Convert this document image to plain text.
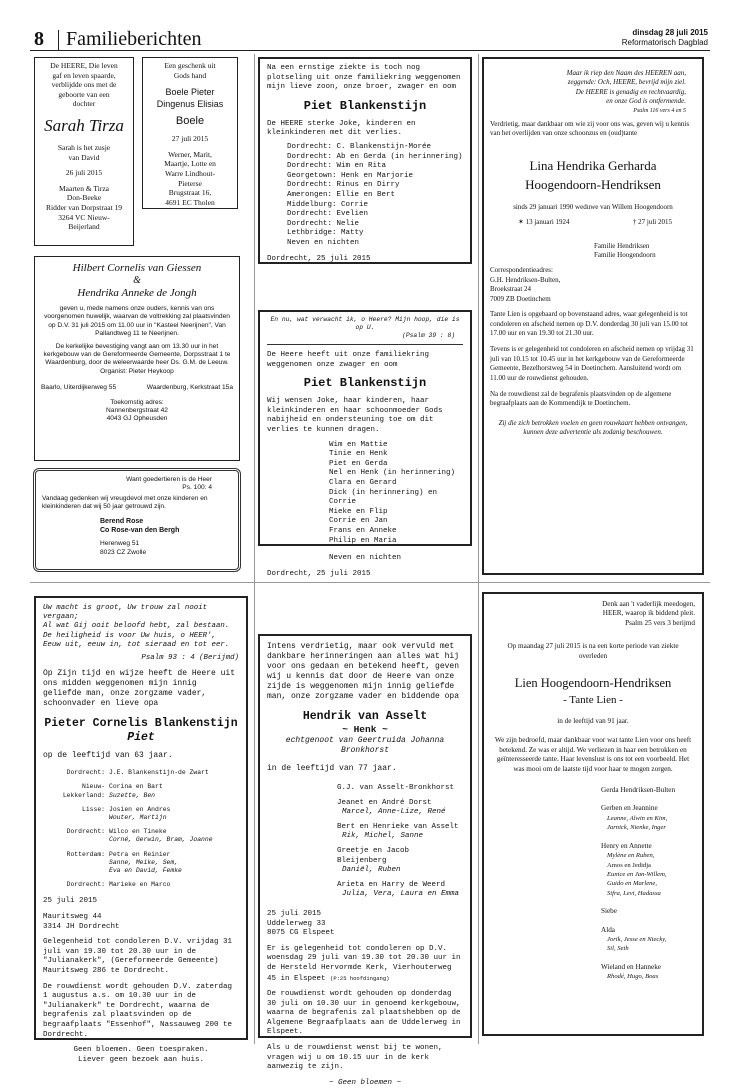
8 Familieberichten	dinsdag 28 juli 2015
Reformatorisch Dagblad
De HEERE, Die leven
gaf en leven spaarde,
verblijdde ons met de
geboorte van een
dochter
Sarah Tirza
Sarah is het zusje
van David
26 juli 2015
Maarten & Tirza
Don-Beeke
Ridder van Dorpstraat 19
3264 VC Nieuw-
Beijerland
Een geschenk uit
Gods hand
Boele Pieter
Dingenus Elisias
Boele
27 juli 2015
Werner, Marit,
Maartje, Lotte en
Warre Lindhout-
Pieterse
Brugstraat 16,
4691 EC Tholen
Hilbert Cornelis van Giessen
&
Hendrika Anneke de Jongh

geven u, mede namens onze ouders, kennis van ons voorgenomen huwelijk, waarvan de voltrekking zal plaatsvinden op D.V. 31 juli 2015 om 11.00 uur in "Kasteel Neerijnen", Van Pallandtweg 11 te Neerijnen.

De kerkelijke bevestiging vangt aan om 13.30 uur in het kerkgebouw van de Gereformeerde Gemeente, Dorpsstraat 1 te Waardenburg, door de weleerwaarde heer Ds. G.M. de Leeuw.

Organist: Pieter Heykoop
Baarlo, Uiterdijkenweg 55	Waardenburg, Kerkstraat 15a
Toekomstig adres:
Nannenbergstraat 42
4043 GJ Opheusden
Want goedertieren is de Heer
Ps. 100: 4

Vandaag gedenken wij vreugdevol met onze kinderen en kleinkinderen dat wij 50 jaar getrouwd zijn.

Berend Rose
Co Rose-van den Bergh
Herenweg 51
8023 CZ Zwolle

Na een ernstige ziekte is toch nog plotseling uit onze familiekring weggenomen mijn lieve zoon, onze broer, zwager en oom

Piet Blankenstijn

De HEERE sterke Joke, kinderen en kleinkinderen met dit verlies.

Dordrecht: C. Blankenstijn-Morée
Dordrecht: Ab en Gerda (in herinnering)
Dordrecht: Wim en Rita
Georgetown: Henk en Marjorie
Dordrecht: Rinus en Dirry
Amerongen: Ellie en Bert
Middelburg: Corrie
Dordrecht: Evelien
Dordrecht: Nelie
Lethbridge: Matty
Neven en nichten
Dordrecht, 25 juli 2015
En nu, wat verwacht ik, o Heere? Mijn hoop, die is op U.
(Psalm 39 : 8)

De Heere heeft uit onze familiekring weggenomen onze zwager en oom

Piet Blankenstijn

Wij wensen Joke, haar kinderen, haar kleinkinderen en haar schoonmoeder Gods nabijheid en ondersteuning toe om dit verlies te kunnen dragen.

Wim en Mattie
Tinie en Henk
Piet en Gerda
Nel en Henk (in herinnering)
Clara en Gerard
Dick (in herinnering) en Corrie
Mieke en Flip
Corrie en Jan
Frans en Anneke
Philip en Maria
Neven en nichten
Dordrecht, 25 juli 2015
Maar ik riep den Naam des HEEREN aan,
zeggende: Och, HEERE, bevrijd mijn ziel.
De HEERE is genadig en rechtvaardig,
en onze God is ontfermende.
Psalm 116 vers 4 en 5

Verdrietig, maar dankbaar om wie zij voor ons was, geven wij u kennis van het overlijden van onze schoonzus en (oud)tante

Lina Hendrika Gerharda
Hoogendoorn-Hendriksen
sinds 29 januari 1990 weduwe van Willem Hoogendoorn
✶ 13 januari 1924	† 27 juli 2015
Familie Hendriksen
Familie Hoogendoorn
Correspondentieadres:
G.H. Hendriksen-Bulten,
Broekstraat 24
7009 ZB Doetinchem

Tante Lien is opgebaard op bovenstaand adres, waar gelegenheid is tot condoleren en afscheid nemen op D.V. donderdag 30 juli van 15.00 tot 17.00 uur en van 19.30 tot 21.30 uur.

Tevens is er gelegenheid tot condoleren en afscheid nemen op vrijdag 31 juli van 10.15 tot 10.45 uur in het kerkgebouw van de Gereformeerde Gemeente, Bezelhorstweg 54 in Doetinchem. Aansluitend wordt om 11.00 uur de rouwdienst gehouden.

Na de rouwdienst zal de begrafenis plaatsvinden op de algemene begraafplaats aan de Kommendijk te Doetinchem.

Zij die zich betrokken voelen en geen rouwkaart hebben ontvangen, kunnen deze advertentie als zodanig beschouwen.

Uw macht is groot, Uw trouw zal nooit vergaan;
Al wat Gij ooit beloofd hebt, zal bestaan.
De heiligheid is voor Uw huis, o HEER',
Eeuw uit, eeuw in, tot sieraad en tot eer.
Psalm 93 : 4 (Berijmd)

Op Zijn tijd en wijze heeft de Heere uit ons midden weggenomen mijn innig geliefde man, onze zorgzame vader, schoonvader en lieve opa

Pieter Cornelis Blankenstijn
Piet
op de leeftijd van 63 jaar.
Dordrecht: J.E. Blankenstijn-de Zwart
Nieuw-Lekkerland:
Corina en Bart
Suzette, Ben
Lisse: Josien en Andres
Wouter, Martijn
Dordrecht: Wilco en Tineke
Corné, Gerwin, Bram, Joanne
Rotterdam: Petra en Reinier
Sanne, Meike, Sem,
Eva en David, Femke
Dordrecht: Marieke en Marco
25 juli 2015
Mauritsweg 44
3314 JH Dordrecht

Gelegenheid tot condoleren D.V. vrijdag 31 juli van 19.30 tot 20.30 uur in de "Julianakerk", (Gereformeerde Gemeente) Mauritsweg 286 te Dordrecht.

De rouwdienst wordt gehouden D.V. zaterdag 1 augustus a.s. om 10.30 uur in de "Julianakerk" te Dordrecht, waarna de begrafenis zal plaatsvinden op de begraafplaats "Essenhof", Nassauweg 200 te Dordrecht.

Geen bloemen. Geen toespraken.
Liever geen bezoek aan huis.

Intens verdrietig, maar ook vervuld met dankbare herinneringen aan alles wat hij voor ons gedaan en betekend heeft, geven wij u kennis dat door de Heere van onze zijde is weggenomen mijn innig geliefde man, onze zorgzame vader en biddende opa

Hendrik van Asselt
~ Henk ~
echtgenoot van Geertruida Johanna Bronkhorst
in de leeftijd van 77 jaar.
G.J. van Asselt-Bronkhorst
Jeanet en André Dorst
Marcel, Anne-Lize, René
Bert en Henrieke van Asselt
Rik, Michel, Sanne
Greetje en Jacob Bleijenberg
Daniël, Ruben
Arieta en Harry de Weerd
Julia, Vera, Laura en Emma
25 juli 2015
Uddelerweg 33
8075 CG Elspeet

Er is gelegenheid tot condoleren op D.V. woensdag 29 juli van 19.30 tot 20.30 uur in de Hersteld Hervormde Kerk, Vierhouterweg 45 in Elspeet (P:25 hoofdingang)

De rouwdienst wordt gehouden op donderdag 30 juli om 10.30 uur in genoemd kerkgebouw, waarna de begrafenis zal plaatshebben op de Algemene Begraafplaats aan de Uddelerweg in Elspeet.

Als u de rouwdienst wenst bij te wonen, vragen wij u om 10.15 uur in de kerk aanwezig te zijn.

~ Geen bloemen ~
Denk aan 't vaderlijk meedogen,
HEER, waarop ik biddend pleit.
Psalm 25 vers 3 berijmd

Op maandag 27 juli 2015 is na een korte periode van ziekte overleden

Lien Hoogendoorn-Hendriksen
- Tante Lien -
in de leeftijd van 91 jaar.

We zijn bedroefd, maar dankbaar voor wat tante Lien voor ons heeft betekend. Ze was er altijd. We verliezen in haar een betrokken en geïnteresseerde tante. Haar levenslust is ons tot een voorbeeld. Het was mooi om de laatste tijd voor haar te mogen zorgen.

Gerda Hendriksen-Bulten
Gerben en Jeannine
Leanne, Alwin en Kim,
Jarnick, Nienke, Inger
Henry en Annette
Mylène en Ruben,
Amos en Jedidja
Eunice en Jan-Willem,
Guido en Marlene,
Sifra, Levi, Hadassa
Siebe
Alda
Jorik, Jesse en Niecky,
Sil, Seth
Wieland en Hanneke
Rhodé, Hugo, Boas
